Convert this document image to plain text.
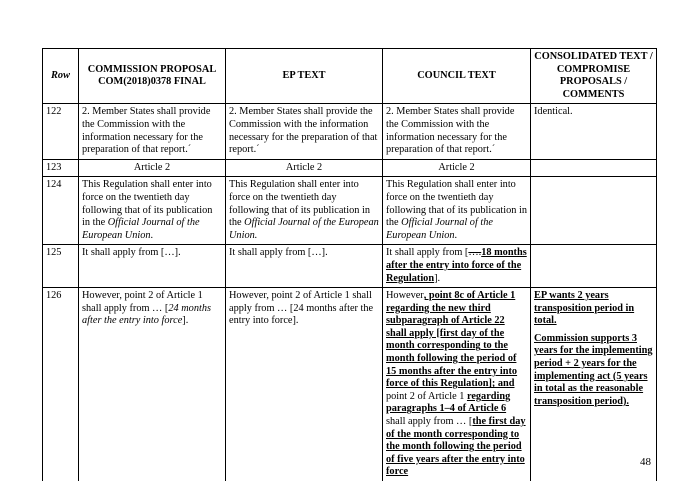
Row	COMMISSION PROPOSAL COM(2018)0378 FINAL	EP TEXT	COUNCIL TEXT	CONSOLIDATED TEXT / COMPROMISE PROPOSALS / COMMENTS
122	2. Member States shall provide the Commission with the information necessary for the preparation of that report.´	2. Member States shall provide the Commission with the information necessary for the preparation of that report.´	2. Member States shall provide the Commission with the information necessary for the preparation of that report.´	Identical.
123	Article 2	Article 2	Article 2	
124	This Regulation shall enter into force on the twentieth day following that of its publication in the Official Journal of the European Union.	This Regulation shall enter into force on the twentieth day following that of its publication in the Official Journal of the European Union.	This Regulation shall enter into force on the twentieth day following that of its publication in the Official Journal of the European Union.	
125	It shall apply from […].	It shall apply from […].	It shall apply from [….18 months after the entry into force of the Regulation].	
126	However, point 2 of Article 1 shall apply from … [24 months after the entry into force].	However, point 2 of Article 1 shall apply from … [24 months after the entry into force].	However, point 8c of Article 1 regarding the new third subparagraph of Article 22 shall apply [first day of the month corresponding to the month following the period of 15 months after the entry into force of this Regulation]; and point 2 of Article 1 regarding paragraphs 1–4 of Article 6 shall apply from … [the first day of the month corresponding to the month following the period of five years after the entry into force	EP wants 2 years transposition period in total.
Commission supports 3 years for the implementing period + 2 years for the implementing act (5 years in total as the reasonable transposition period).
48
